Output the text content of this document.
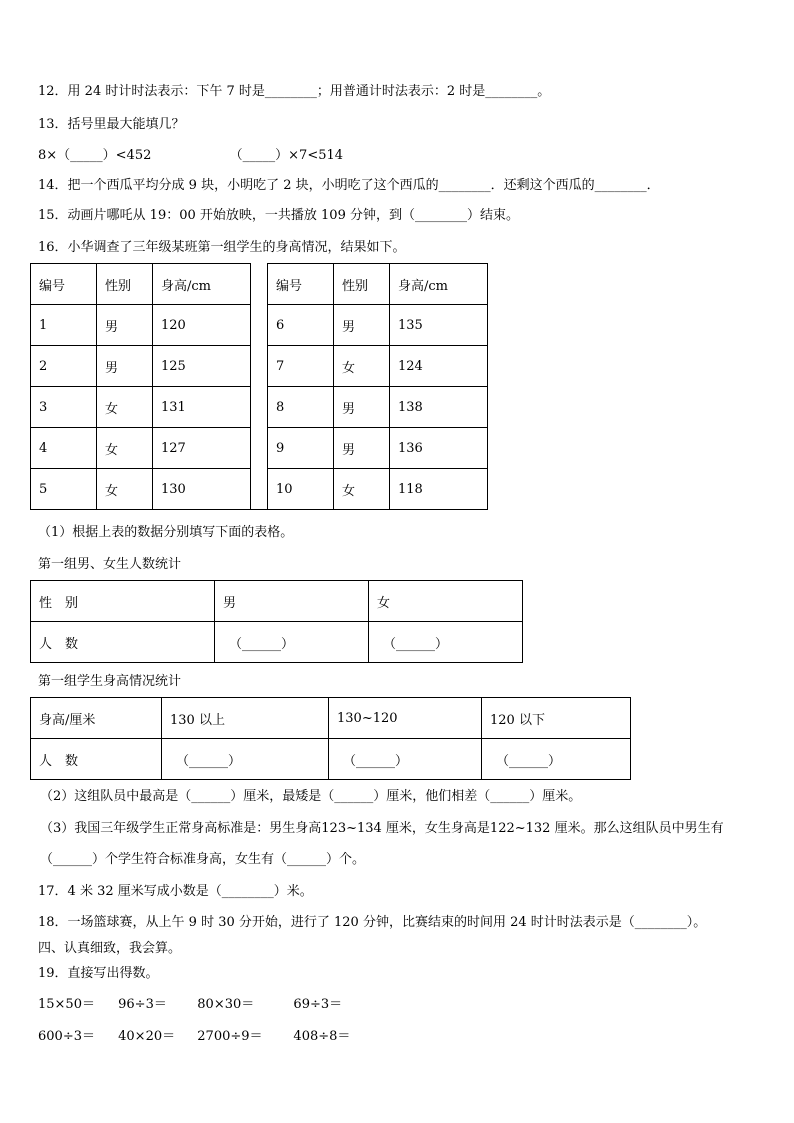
12．用 24 时计时法表示：下午 7 时是________；用普通计时法表示：2 时是________。
13．括号里最大能填几？
8×（_____）<452	（_____）×7<514
14．把一个西瓜平均分成 9 块，小明吃了 2 块，小明吃了这个西瓜的________．还剩这个西瓜的________．
15．动画片哪吒从 19：00 开始放映，一共播放 109 分钟，到（________）结束。
16．小华调查了三年级某班第一组学生的身高情况，结果如下。
编号	性别	身高/cm		编号	性别	身高/cm
1	男	120		6	男	135
2	男	125		7	女	124
3	女	131		8	男	138
4	女	127		9	男	136
5	女	130		10	女	118
（1）根据上表的数据分别填写下面的表格。
第一组男、女生人数统计
性　别	男	女
人　数	（______）	（______）
第一组学生身高情况统计
身高/厘米	130 以上	130~120	120 以下
人　数	（______）	（______）	（______）
（2）这组队员中最高是（______）厘米，最矮是（______）厘米，他们相差（______）厘米。
（3）我国三年级学生正常身高标准是：男生身高123~134 厘米，女生身高是122~132 厘米。那么这组队员中男生有
（______）个学生符合标准身高，女生有（______）个。
17．4 米 32 厘米写成小数是（________）米。
18．一场篮球赛，从上午 9 时 30 分开始，进行了 120 分钟，比赛结束的时间用 24 时计时法表示是（________）。
四、认真细致，我会算。
19．直接写出得数。
15×50＝ 96÷3＝ 80×30＝	69÷3＝
600÷3＝ 40×20＝ 2700÷9＝ 408÷8＝
